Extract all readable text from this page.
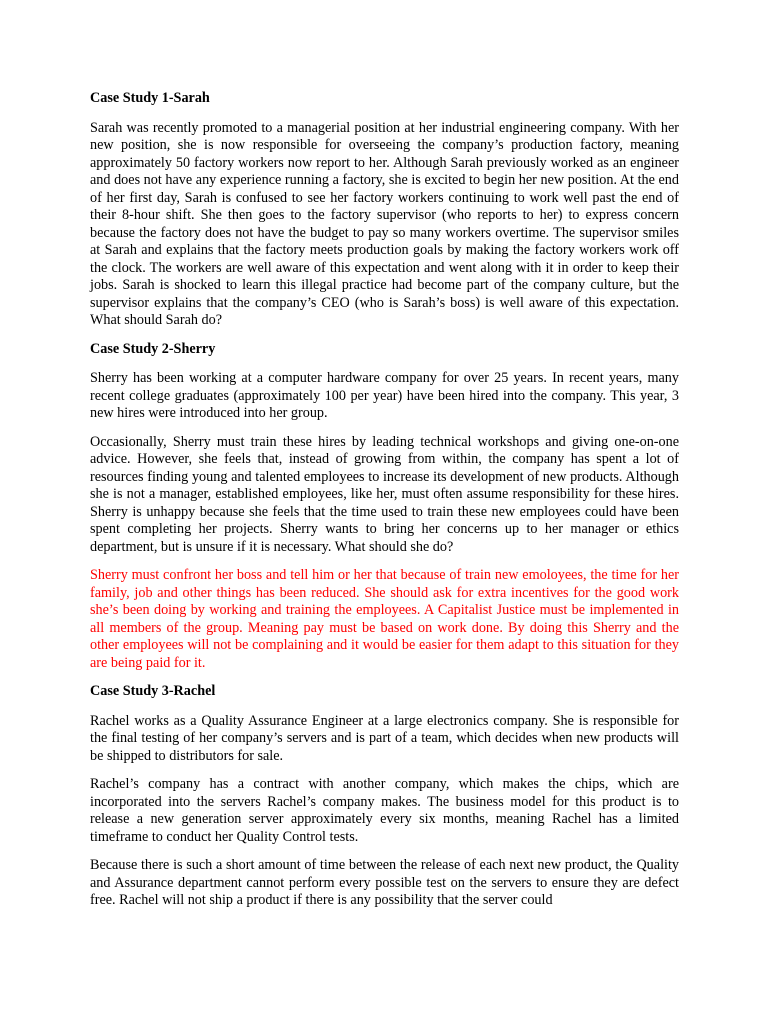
Case Study 1-Sarah
Sarah was recently promoted to a managerial position at her industrial engineering company. With her new position, she is now responsible for overseeing the company’s production factory, meaning approximately 50 factory workers now report to her. Although Sarah previously worked as an engineer and does not have any experience running a factory, she is excited to begin her new position. At the end of her first day, Sarah is confused to see her factory workers continuing to work well past the end of their 8-hour shift. She then goes to the factory supervisor (who reports to her) to express concern because the factory does not have the budget to pay so many workers overtime. The supervisor smiles at Sarah and explains that the factory meets production goals by making the factory workers work off the clock. The workers are well aware of this expectation and went along with it in order to keep their jobs. Sarah is shocked to learn this illegal practice had become part of the company culture, but the supervisor explains that the company’s CEO (who is Sarah’s boss) is well aware of this expectation. What should Sarah do?
Case Study 2-Sherry
Sherry has been working at a computer hardware company for over 25 years. In recent years, many recent college graduates (approximately 100 per year) have been hired into the company. This year, 3 new hires were introduced into her group.
Occasionally, Sherry must train these hires by leading technical workshops and giving one-on-one advice. However, she feels that, instead of growing from within, the company has spent a lot of resources finding young and talented employees to increase its development of new products. Although she is not a manager, established employees, like her, must often assume responsibility for these hires. Sherry is unhappy because she feels that the time used to train these new employees could have been spent completing her projects. Sherry wants to bring her concerns up to her manager or ethics department, but is unsure if it is necessary. What should she do?
Sherry must confront her boss and tell him or her that because of train new emoloyees, the time for her family, job and other things has been reduced. She should ask for extra incentives for the good work she’s been doing by working and training the employees. A Capitalist Justice must be implemented in all members of the group. Meaning pay must be based on work done. By doing this Sherry and the other employees will not be complaining and it would be easier for them adapt to this situation for they are being paid for it.
Case Study 3-Rachel
Rachel works as a Quality Assurance Engineer at a large electronics company. She is responsible for the final testing of her company’s servers and is part of a team, which decides when new products will be shipped to distributors for sale.
Rachel’s company has a contract with another company, which makes the chips, which are incorporated into the servers Rachel’s company makes. The business model for this product is to release a new generation server approximately every six months, meaning Rachel has a limited timeframe to conduct her Quality Control tests.
Because there is such a short amount of time between the release of each next new product, the Quality and Assurance department cannot perform every possible test on the servers to ensure they are defect free. Rachel will not ship a product if there is any possibility that the server could
